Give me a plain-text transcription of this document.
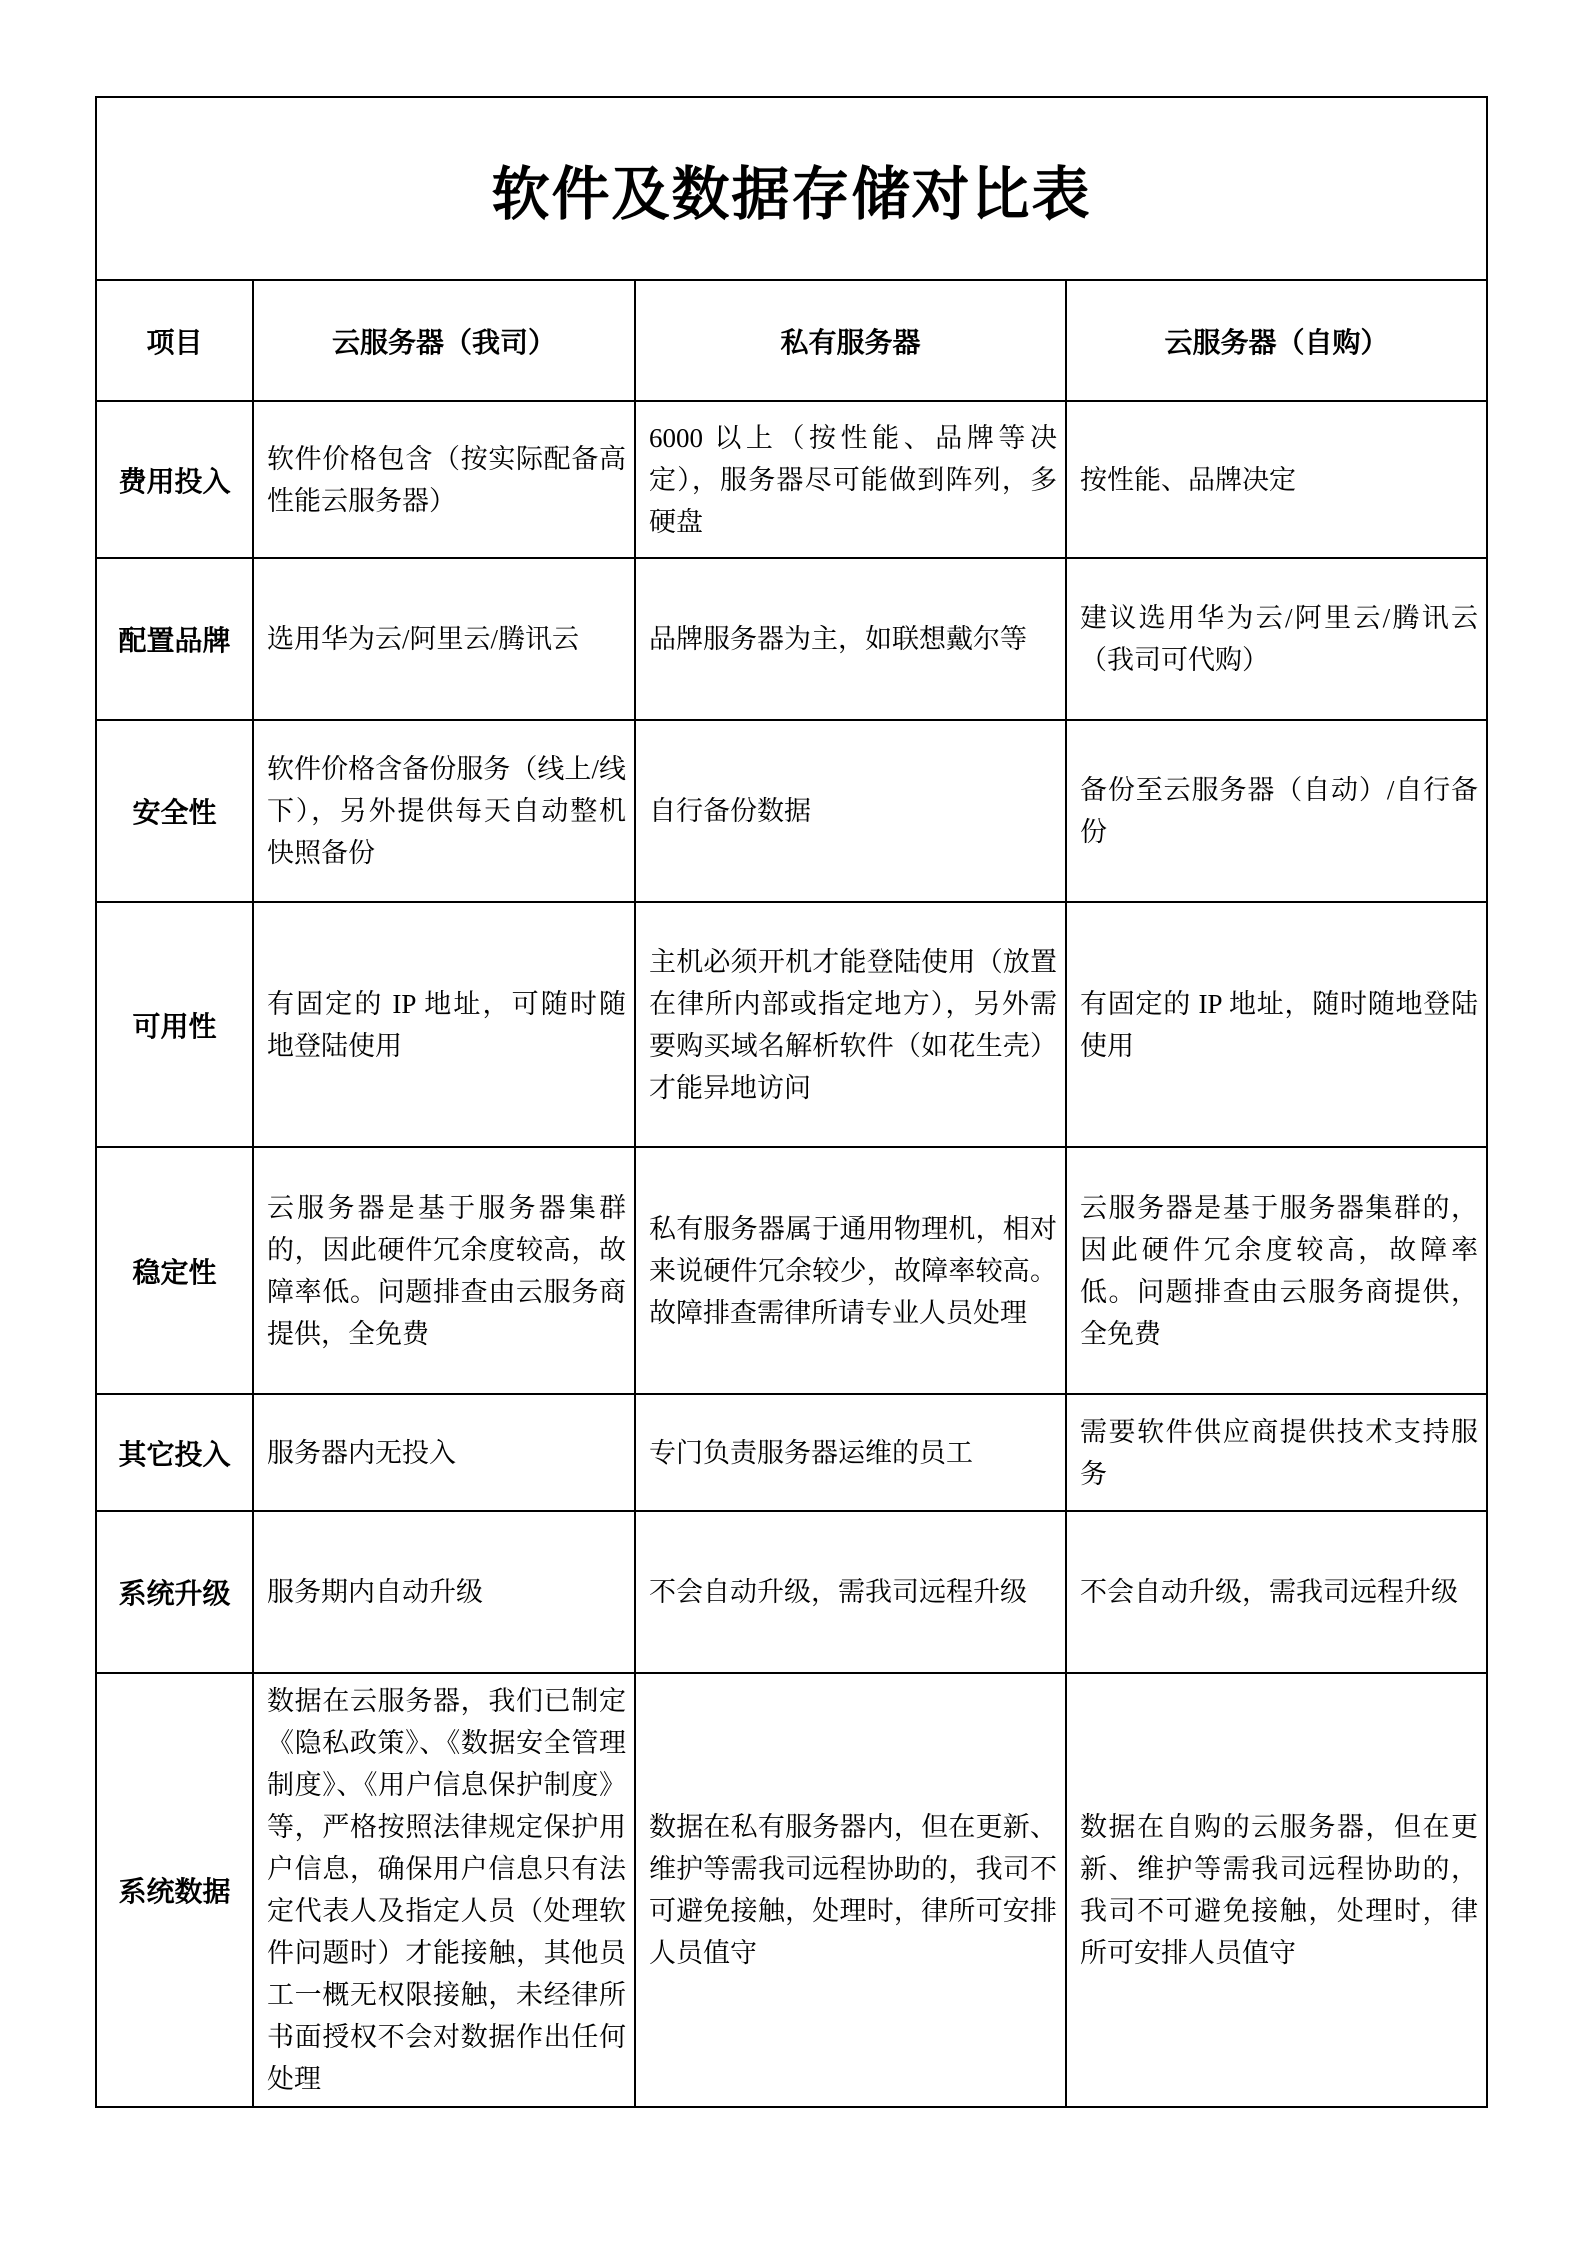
软件及数据存储对比表			
项目	云服务器（我司）	私有服务器	云服务器（自购）
费用投入	软件价格包含（按实际配备高性能云服务器）	6000 以上（按性能、品牌等决定），服务器尽可能做到阵列，多硬盘	按性能、品牌决定
配置品牌	选用华为云/阿里云/腾讯云	品牌服务器为主，如联想戴尔等	建议选用华为云/阿里云/腾讯云（我司可代购）
安全性	软件价格含备份服务（线上/线下），另外提供每天自动整机快照备份	自行备份数据	备份至云服务器（自动）/自行备份
可用性	有固定的 IP 地址，可随时随地登陆使用	主机必须开机才能登陆使用（放置在律所内部或指定地方），另外需要购买域名解析软件（如花生壳）才能异地访问	有固定的 IP 地址，随时随地登陆使用
稳定性	云服务器是基于服务器集群的，因此硬件冗余度较高，故障率低。问题排查由云服务商提供，全免费	私有服务器属于通用物理机，相对来说硬件冗余较少，故障率较高。故障排查需律所请专业人员处理	云服务器是基于服务器集群的，因此硬件冗余度较高，故障率低。问题排查由云服务商提供，全免费
其它投入	服务器内无投入	专门负责服务器运维的员工	需要软件供应商提供技术支持服务
系统升级	服务期内自动升级	不会自动升级，需我司远程升级	不会自动升级，需我司远程升级
系统数据	数据在云服务器，我们已制定《隐私政策》、《数据安全管理制度》、《用户信息保护制度》等，严格按照法律规定保护用户信息，确保用户信息只有法定代表人及指定人员（处理软件问题时）才能接触，其他员工一概无权限接触，未经律所书面授权不会对数据作出任何处理	数据在私有服务器内，但在更新、维护等需我司远程协助的，我司不可避免接触，处理时，律所可安排人员值守	数据在自购的云服务器，但在更新、维护等需我司远程协助的，我司不可避免接触，处理时，律所可安排人员值守
